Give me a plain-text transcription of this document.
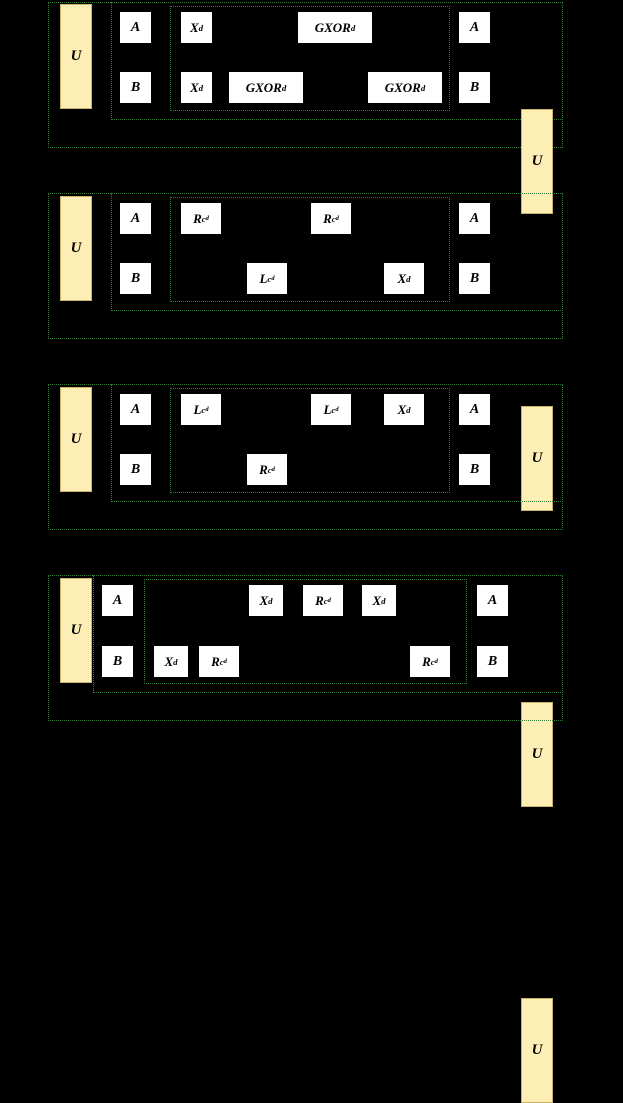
U
U
†
A
B
A
B
X d	GXOR d
X d	GXOR d	GXOR d
U
U
†
A
B
A
B
R c d	R c d
L c d	X d
U
U
†
A
B
A
B
L c d	L c d	X d
R c d
U
U
†
A
B
A
B
X d	R c d	X d
X d	R c d	R c d
